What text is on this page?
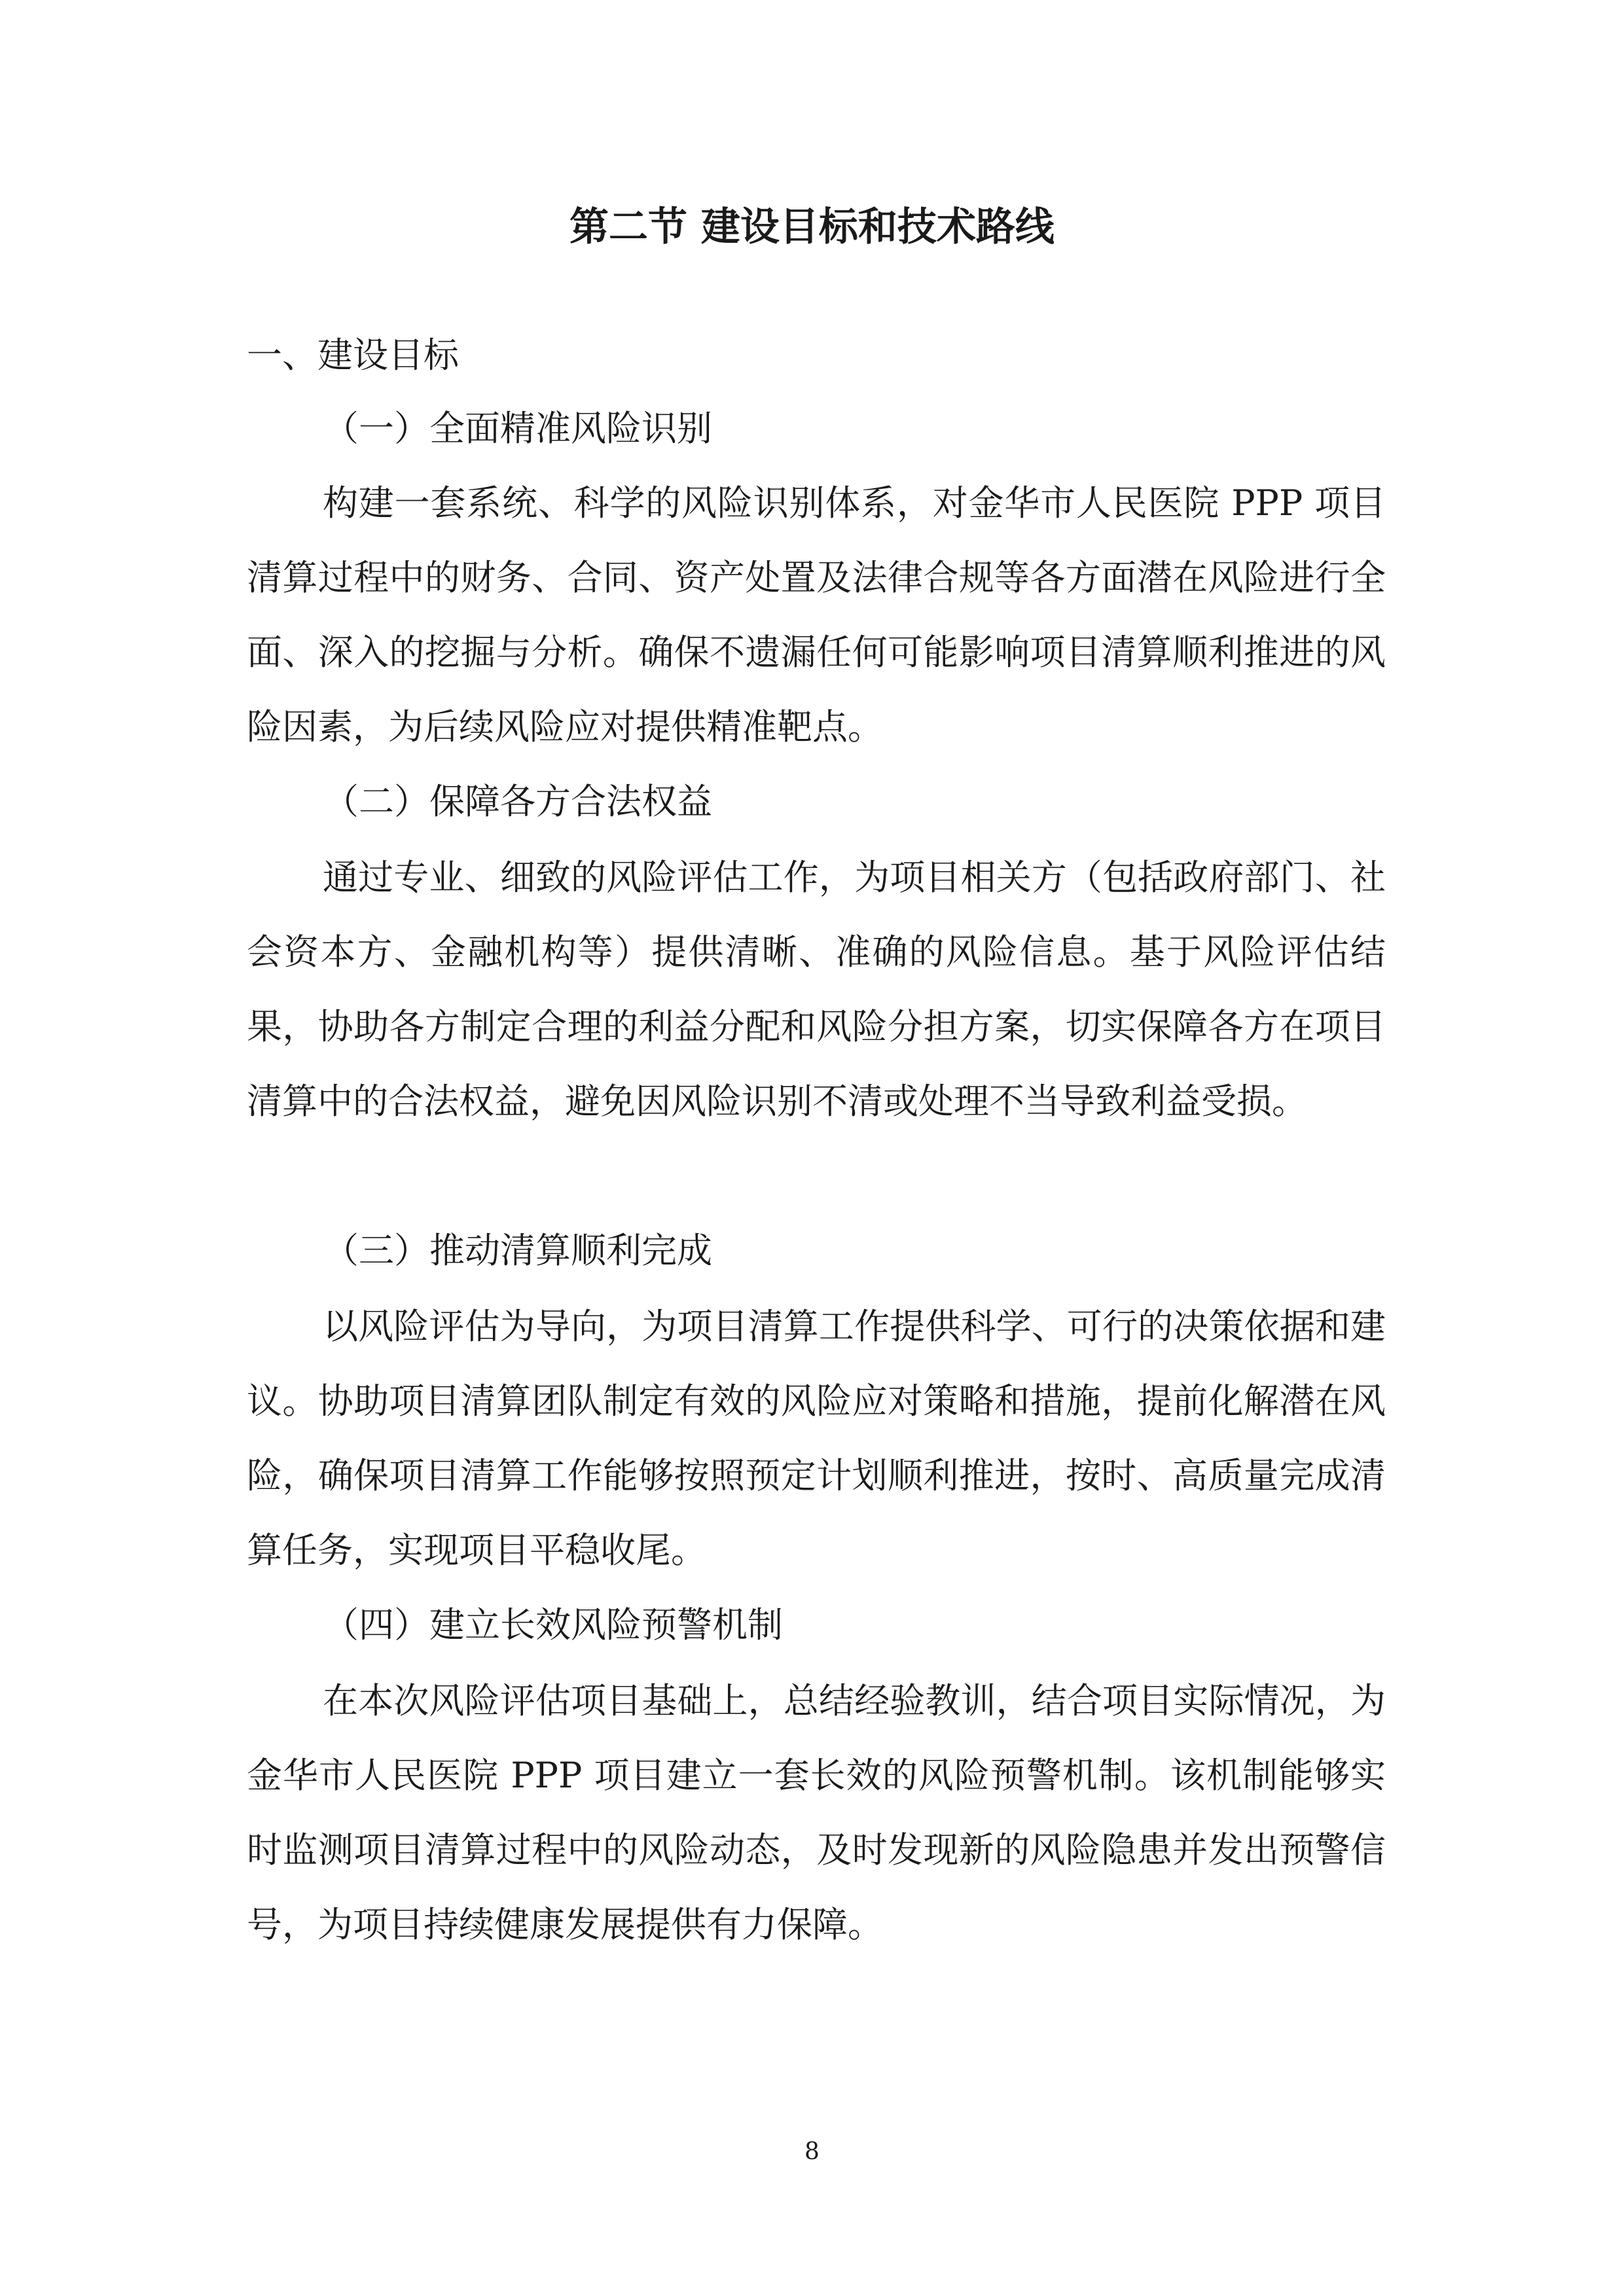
第二节 建设目标和技术路线
一、建设目标
（一）全面精准风险识别

构建一套系统、科学的风险识别体系，对金华市人民医院 PPP 项目清算过程中的财务、合同、资产处置及法律合规等各方面潜在风险进行全面、深入的挖掘与分析。确保不遗漏任何可能影响项目清算顺利推进的风险因素，为后续风险应对提供精准靶点。

（二）保障各方合法权益

通过专业、细致的风险评估工作，为项目相关方（包括政府部门、社会资本方、金融机构等）提供清晰、准确的风险信息。基于风险评估结果，协助各方制定合理的利益分配和风险分担方案，切实保障各方在项目清算中的合法权益，避免因风险识别不清或处理不当导致利益受损。

（三）推动清算顺利完成

以风险评估为导向，为项目清算工作提供科学、可行的决策依据和建议。协助项目清算团队制定有效的风险应对策略和措施，提前化解潜在风险，确保项目清算工作能够按照预定计划顺利推进，按时、高质量完成清算任务，实现项目平稳收尾。

（四）建立长效风险预警机制

在本次风险评估项目基础上，总结经验教训，结合项目实际情况，为金华市人民医院 PPP 项目建立一套长效的风险预警机制。该机制能够实时监测项目清算过程中的风险动态，及时发现新的风险隐患并发出预警信号，为项目持续健康发展提供有力保障。

8
